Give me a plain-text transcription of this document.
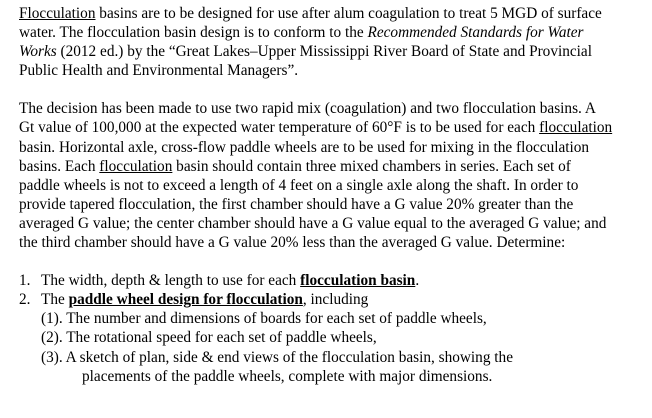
Flocculation basins are to be designed for use after alum coagulation to treat 5 MGD of surface
water. The flocculation basin design is to conform to the Recommended Standards for Water
Works (2012 ed.) by the “Great Lakes–Upper Mississippi River Board of State and Provincial
Public Health and Environmental Managers”.
The decision has been made to use two rapid mix (coagulation) and two flocculation basins. A
Gt value of 100,000 at the expected water temperature of 60°F is to be used for each flocculation
basin. Horizontal axle, cross-flow paddle wheels are to be used for mixing in the flocculation
basins. Each flocculation basin should contain three mixed chambers in series. Each set of
paddle wheels is not to exceed a length of 4 feet on a single axle along the shaft. In order to
provide tapered flocculation, the first chamber should have a G value 20% greater than the
averaged G value; the center chamber should have a G value equal to the averaged G value; and
the third chamber should have a G value 20% less than the averaged G value. Determine:
1. The width, depth & length to use for each flocculation basin.
2. The paddle wheel design for flocculation, including
(1). The number and dimensions of boards for each set of paddle wheels,
(2). The rotational speed for each set of paddle wheels,
(3). A sketch of plan, side & end views of the flocculation basin, showing the
placements of the paddle wheels, complete with major dimensions.
